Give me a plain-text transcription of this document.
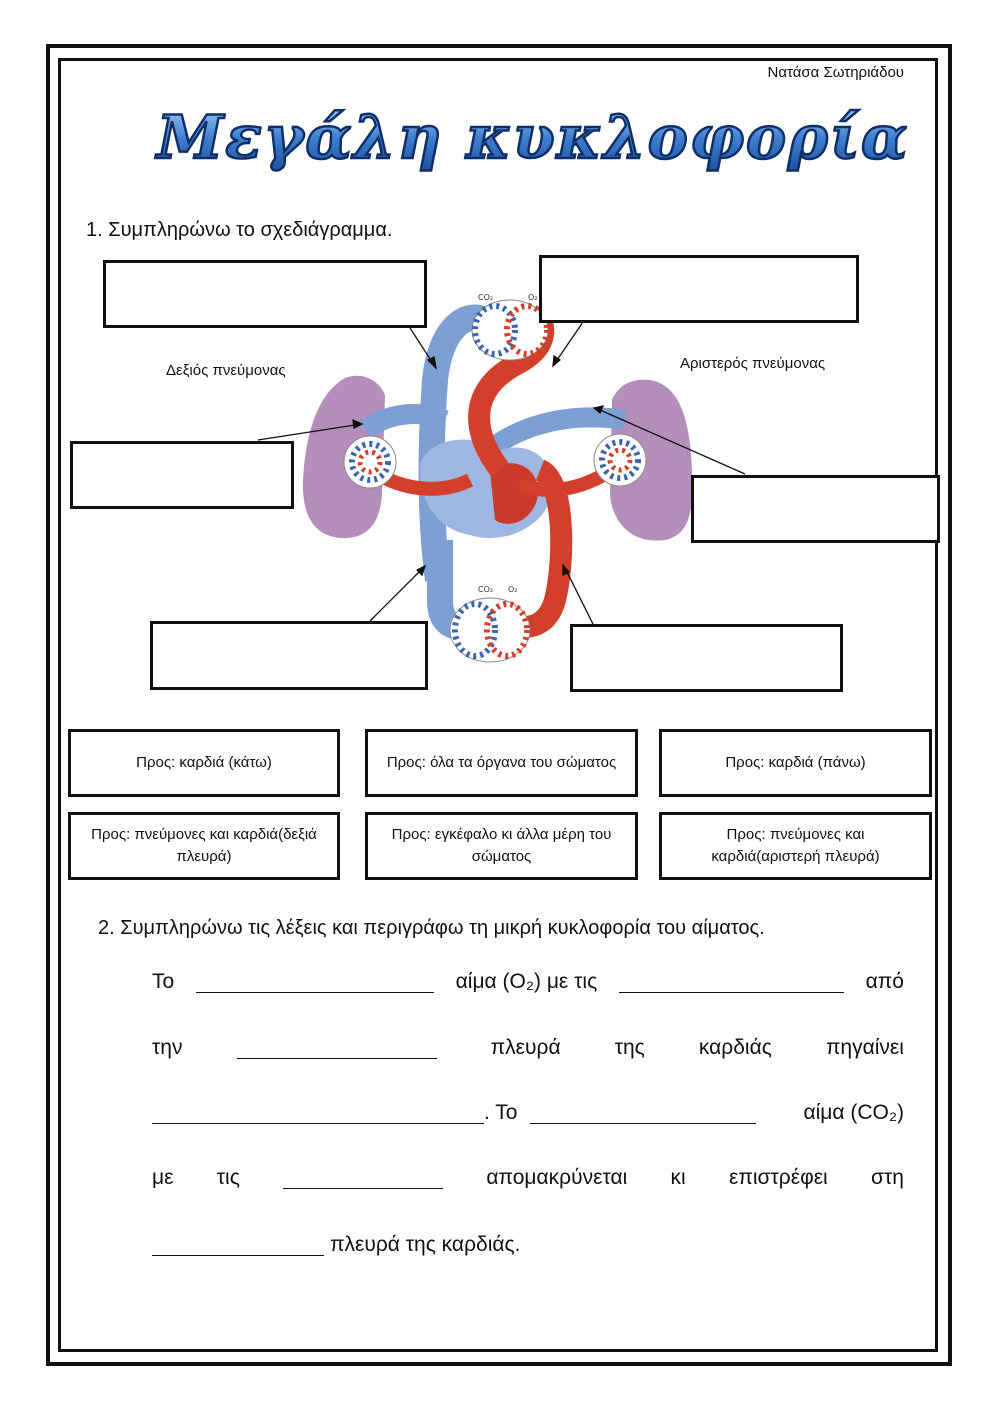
Νατάσα Σωτηριάδου
Μεγάλη κυκλοφορία
1. Συμπληρώνω το σχεδιάγραμμα.
CO₂	O₂
CO₂ O₂
Δεξιός πνεύμονας	Αριστερός πνεύμονας
Προς: καρδιά (κάτω)	Προς: όλα τα όργανα του σώματος	Προς: καρδιά (πάνω)
Προς: πνεύμονες και καρδιά(δεξιά πλευρά)
Προς: εγκέφαλο κι άλλα μέρη του σώματος
Προς: πνεύμονες και καρδιά(αριστερή πλευρά)
2. Συμπληρώνω τις λέξεις και περιγράφω τη μικρή κυκλοφορία του αίματος.
Το	αίμα (O₂) με τις	από
την	πλευρά	της	καρδιάς	πηγαίνει
. Το	αίμα (CO₂)
με τις	απομακρύνεται κι επιστρέφει στη
πλευρά της καρδιάς.
